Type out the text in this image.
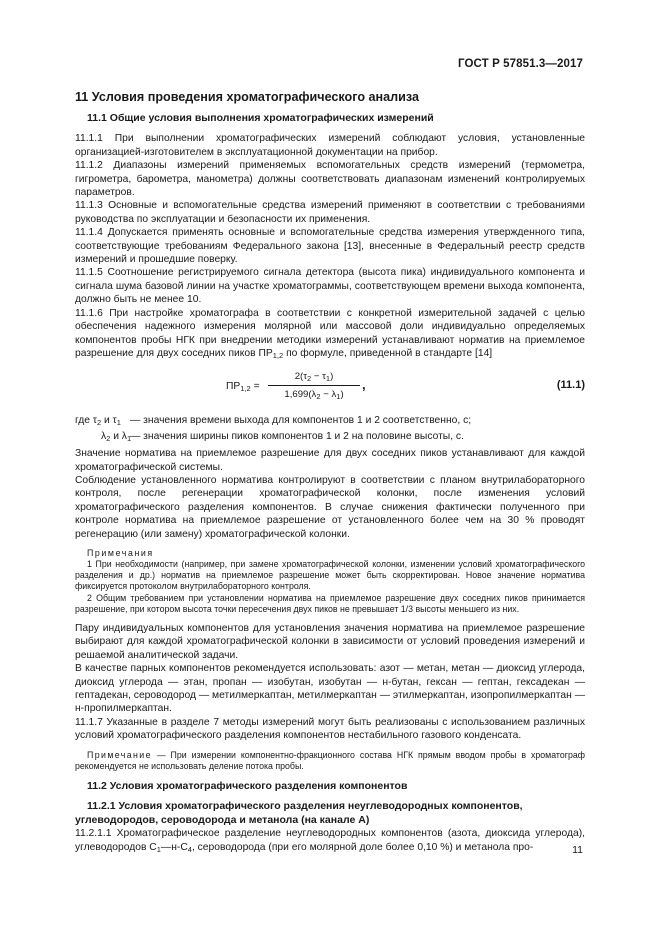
ГОСТ Р 57851.3—2017
11 Условия проведения хроматографического анализа
11.1 Общие условия выполнения хроматографических измерений

11.1.1 При выполнении хроматографических измерений соблюдают условия, установленные организацией-изготовителем в эксплуатационной документации на прибор.

11.1.2 Диапазоны измерений применяемых вспомогательных средств измерений (термометра, гигрометра, барометра, манометра) должны соответствовать диапазонам изменений контролируемых параметров.

11.1.3 Основные и вспомогательные средства измерений применяют в соответствии с требованиями руководства по эксплуатации и безопасности их применения.

11.1.4 Допускается применять основные и вспомогательные средства измерения утвержденного типа, соответствующие требованиям Федерального закона [13], внесенные в Федеральный реестр средств измерений и прошедшие поверку.

11.1.5 Соотношение регистрируемого сигнала детектора (высота пика) индивидуального компонента и сигнала шума базовой линии на участке хроматограммы, соответствующем времени выхода компонента, должно быть не менее 10.

11.1.6 При настройке хроматографа в соответствии с конкретной измерительной задачей с целью обеспечения надежного измерения молярной или массовой доли индивидуально определяемых компонентов пробы НГК при внедрении методики измерений устанавливают норматив на приемлемое разрешение для двух соседних пиков $ПР_{1,2}$ по формуле, приведенной в стандарте [14]

$ПР_{1,2} = \frac{2(\tau_2 - \tau_1)}{1,699(\lambda_2 - \lambda_1)}$ ,	(11.1)
где $\tau_2$ и $\tau_1$ — значения времени выхода для компонентов 1 и 2 соответственно, с;
$\lambda_2$ и $\lambda_1$
— значения ширины пиков компонентов 1 и 2 на половине высоты, с.

Значение норматива на приемлемое разрешение для двух соседних пиков устанавливают для каждой хроматографической системы.

Соблюдение установленного норматива контролируют в соответствии с планом внутрилабораторного контроля, после регенерации хроматографической колонки, после изменения условий хроматографического разделения компонентов. В случае снижения фактически полученного при контроле норматива на приемлемое разрешение от установленного более чем на 30 % проводят регенерацию (или замену) хроматографической колонки.

Примечания

1 При необходимости (например, при замене хроматографической колонки, изменении условий хроматографического разделения и др.) норматив на приемлемое разрешение может быть скорректирован. Новое значение норматива фиксируется протоколом внутрилабораторного контроля.

2 Общим требованием при установлении норматива на приемлемое разрешение двух соседних пиков принимается разрешение, при котором высота точки пересечения двух пиков не превышает 1/3 высоты меньшего из них.

Пару индивидуальных компонентов для установления значения норматива на приемлемое разрешение выбирают для каждой хроматографической колонки в зависимости от условий проведения измерений и решаемой аналитической задачи.

В качестве парных компонентов рекомендуется использовать: азот — метан, метан — диоксид углерода, диоксид углерода — этан, пропан — изобутан, изобутан — н-бутан, гексан — гептан, гексадекан — гептадекан, сероводород — метилмеркаптан, метилмеркаптан — этилмеркаптан, изопропилмеркаптан — н-пропилмеркаптан.

11.1.7 Указанные в разделе 7 методы измерений могут быть реализованы с использованием различных условий хроматографического разделения компонентов нестабильного газового конденсата.

Примечание — При измерении компонентно-фракционного состава НГК прямым вводом пробы в хроматограф рекомендуется не использовать деление потока пробы.

11.2 Условия хроматографического разделения компонентов
11.2.1 Условия хроматографического разделения неуглеводородных компонентов, углеводородов, сероводорода и метанола (на канале А)

11.2.1.1 Хроматографическое разделение неуглеводородных компонентов (азота, диоксида углерода), углеводородов $С_1—н-С_4$, сероводорода (при его молярной доле более 0,10 %) и метанола про-	11
